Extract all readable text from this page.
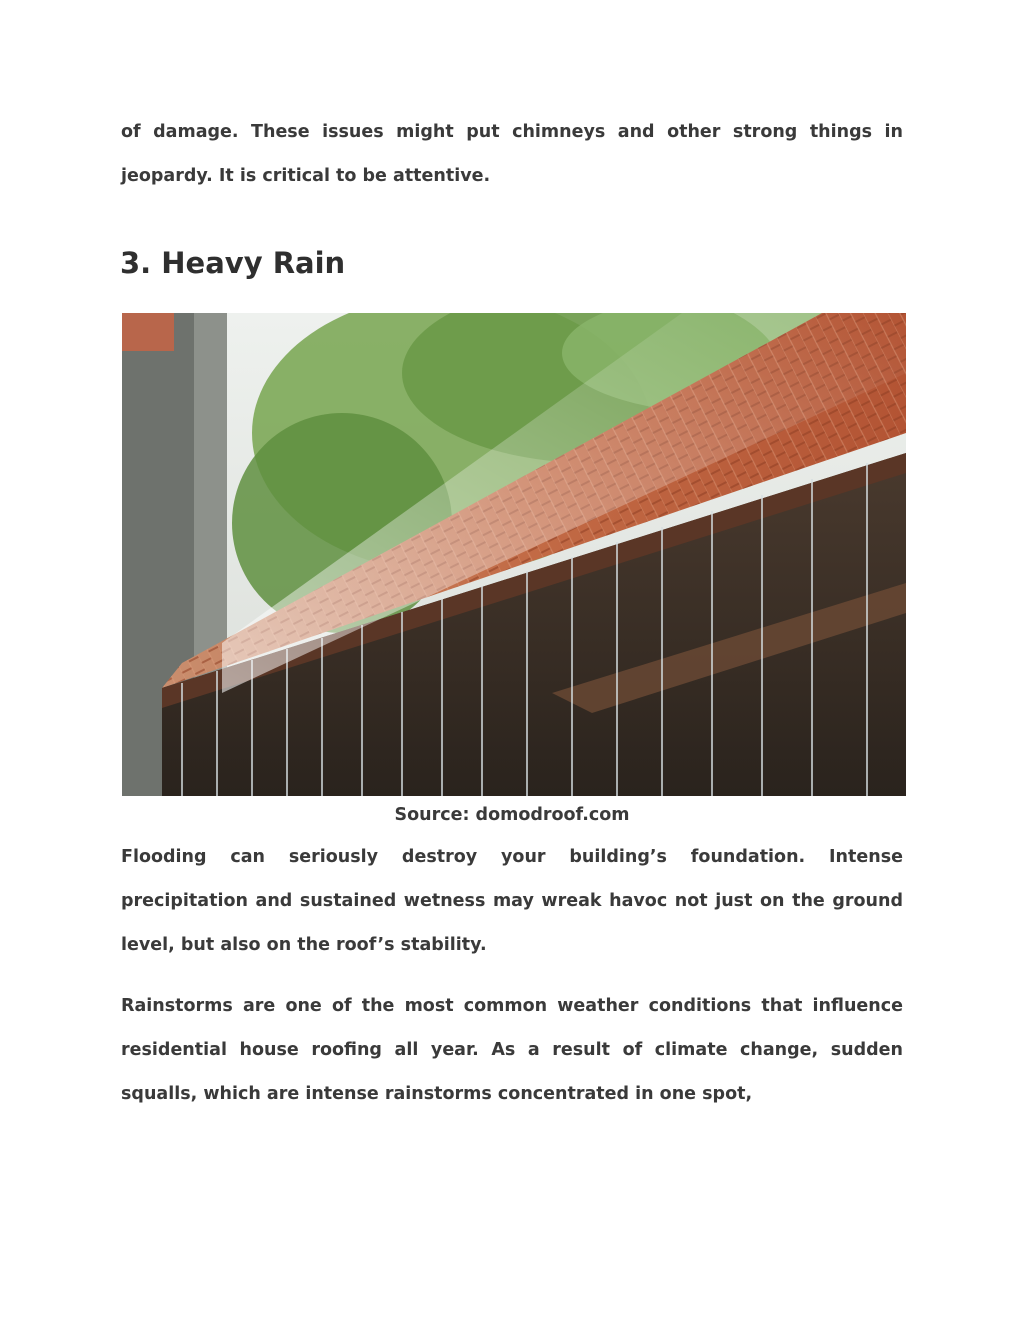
of damage. These issues might put chimneys and other strong things in jeopardy. It is critical to be attentive.

3. Heavy Rain

Source: domodroof.com

Flooding can seriously destroy your building’s foundation. Intense precipitation and sustained wetness may wreak havoc not just on the ground level, but also on the roof’s stability.

Rainstorms are one of the most common weather conditions that influence residential house roofing all year. As a result of climate change, sudden squalls, which are intense rainstorms concentrated in one spot,
